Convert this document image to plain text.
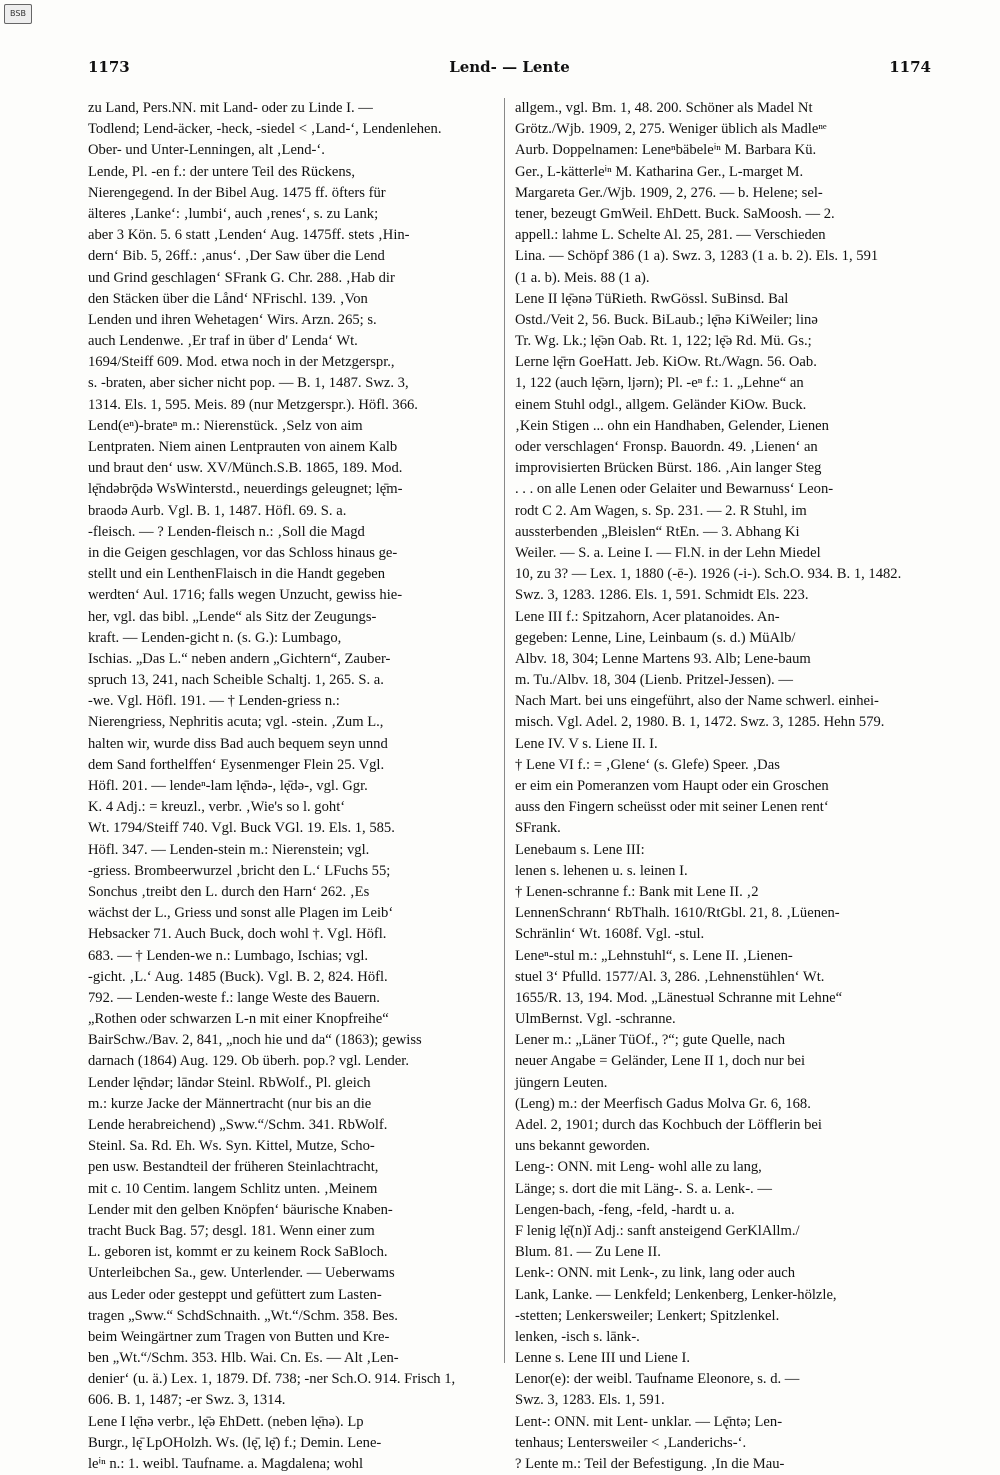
BSB
1173	Lend- — Lente	1174
zu Land, Pers.NN. mit Land- oder zu Linde I. —
Todlend; Lend-äcker, -heck, -siedel < ‚Land-‘, Lendenlehen.
Ober- und Unter-Lenningen, alt ‚Lend-‘.
Lende, Pl. -en f.: der untere Teil des Rückens,
Nierengegend. In der Bibel Aug. 1475 ff. öfters für
älteres ‚Lanke‘: ‚lumbi‘, auch ‚renes‘, s. zu Lank;
aber 3 Kön. 5. 6 statt ‚Lenden‘ Aug. 1475ff. stets ‚Hin-
dern‘ Bib. 5, 26ff.: ‚anus‘. ‚Der Saw über die Lend
und Grind geschlagen‘ SFrank G. Chr. 288. ‚Hab dir
den Stäcken über die Lånd‘ NFrischl. 139. ‚Von
Lenden und ihren Wehetagen‘ Wirs. Arzn. 265; s.
auch Lendenwe. ‚Er traf in über d' Lenda‘ Wt.
1694/Steiff 609. Mod. etwa noch in der Metzgerspr.,
s. -braten, aber sicher nicht pop. — B. 1, 1487. Swz. 3,
1314. Els. 1, 595. Meis. 89 (nur Metzgerspr.). Höfl. 366.
Lend(eⁿ)-brateⁿ m.: Nierenstück. ‚Selz von aim
Lentpraten. Niem ainen Lentprauten von ainem Kalb
und braut den‘ usw. XV/Münch.S.B. 1865, 189. Mod.
lę̄ndəbrǭdə WsWinterstd., neuerdings geleugnet; lę̄m-
braodə Aurb. Vgl. B. 1, 1487. Höfl. 69. S. a.
-fleisch. — ? Lenden-fleisch n.: ‚Soll die Magd
in die Geigen geschlagen, vor das Schloss hinaus ge-
stellt und ein LenthenFlaisch in die Handt gegeben
werdten‘ Aul. 1716; falls wegen Unzucht, gewiss hie-
her, vgl. das bibl. „Lende“ als Sitz der Zeugungs-
kraft. — Lenden-gicht n. (s. G.): Lumbago,
Ischias. „Das L.“ neben andern „Gichtern“, Zauber-
spruch 13, 241, nach Scheible Schaltj. 1, 265. S. a.
-we. Vgl. Höfl. 191. — † Lenden-griess n.:
Nierengriess, Nephritis acuta; vgl. -stein. ‚Zum L.,
halten wir, wurde diss Bad auch bequem seyn unnd
dem Sand forthelffen‘ Eysenmenger Flein 25. Vgl.
Höfl. 201. — lendeⁿ-lam lę̄ndə-, lę̄də-, vgl. Ggr.
K. 4 Adj.: = kreuzl., verbr. ‚Wie's so l. goht‘
Wt. 1794/Steiff 740. Vgl. Buck VGl. 19. Els. 1, 585.
Höfl. 347. — Lenden-stein m.: Nierenstein; vgl.
-griess. Brombeerwurzel ‚bricht den L.‘ LFuchs 55;
Sonchus ‚treibt den L. durch den Harn‘ 262. ‚Es
wächst der L., Griess und sonst alle Plagen im Leib‘
Hebsacker 71. Auch Buck, doch wohl †. Vgl. Höfl.
683. — † Lenden-we n.: Lumbago, Ischias; vgl.
-gicht. ‚L.‘ Aug. 1485 (Buck). Vgl. B. 2, 824. Höfl.
792. — Lenden-weste f.: lange Weste des Bauern.
„Rothen oder schwarzen L-n mit einer Knopfreihe“
BairSchw./Bav. 2, 841, „noch hie und da“ (1863); gewiss
darnach (1864) Aug. 129. Ob überh. pop.? vgl. Lender.
Lender lę̄ndər; lāndər Steinl. RbWolf., Pl. gleich
m.: kurze Jacke der Männertracht (nur bis an die
Lende herabreichend) „Sww.“/Schm. 341. RbWolf.
Steinl. Sa. Rd. Eh. Ws. Syn. Kittel, Mutze, Scho-
pen usw. Bestandteil der früheren Steinlachtracht,
mit c. 10 Centim. langem Schlitz unten. ‚Meinem
Lender mit den gelben Knöpfen‘ bäurische Knaben-
tracht Buck Bag. 57; desgl. 181. Wenn einer zum
L. geboren ist, kommt er zu keinem Rock SaBloch.
Unterleibchen Sa., gew. Unterlender. — Ueberwams
aus Leder oder gesteppt und gefüttert zum Lasten-
tragen „Sww.“ SchdSchnaith. „Wt.“/Schm. 358. Bes.
beim Weingärtner zum Tragen von Butten und Kre-
ben „Wt.“/Schm. 353. Hlb. Wai. Cn. Es. — Alt ‚Len-
denier‘ (u. ä.) Lex. 1, 1879. Df. 738; -ner Sch.O. 914. Frisch 1,
606. B. 1, 1487; -er Swz. 3, 1314.
Lene I lę̄nə verbr., lę̄ə EhDett. (neben lę̄nə). Lp
Burgr., lę̄ LpOHolzh. Ws. (lę̄, lę̄) f.; Demin. Lene-
leⁱⁿ n.: 1. weibl. Taufname. a. Magdalena; wohl
allgem., vgl. Bm. 1, 48. 200. Schöner als Madel Nt
Grötz./Wjb. 1909, 2, 275. Weniger üblich als Madleⁿᵉ
Aurb. Doppelnamen: Leneⁿbäbeleⁱⁿ M. Barbara Kü.
Ger., L-kätterleⁱⁿ M. Katharina Ger., L-marget M.
Margareta Ger./Wjb. 1909, 2, 276. — b. Helene; sel-
tener, bezeugt GmWeil. EhDett. Buck. SaMoosh. — 2.
appell.: lahme L. Schelte Al. 25, 281. — Verschieden
Lina. — Schöpf 386 (1 a). Swz. 3, 1283 (1 a. b. 2). Els. 1, 591
(1 a. b). Meis. 88 (1 a).
Lene II lę̄ənə TüRieth. RwGössl. SuBinsd. Bal
Ostd./Veit 2, 56. Buck. BiLaub.; lę̄nə KiWeiler; linə
Tr. Wg. Lk.; lę̄ən Oab. Rt. 1, 122; lę̄ə Rd. Mü. Gs.;
Lerne lę̄rn GoeHatt. Jeb. KiOw. Rt./Wagn. 56. Oab.
1, 122 (auch lę̄ərn, ljərn); Pl. -eⁿ f.: 1. „Lehne“ an
einem Stuhl odgl., allgem. Geländer KiOw. Buck.
‚Kein Stigen ... ohn ein Handhaben, Gelender, Lienen
oder verschlagen‘ Fronsp. Bauordn. 49. ‚Lienen‘ an
improvisierten Brücken Bürst. 186. ‚Ain langer Steg
. . . on alle Lenen oder Gelaiter und Bewarnuss‘ Leon-
rodt C 2. Am Wagen, s. Sp. 231. — 2. R Stuhl, im
aussterbenden „Bleislen“ RtEn. — 3. Abhang Ki
Weiler. — S. a. Leine I. — Fl.N. in der Lehn Miedel
10, zu 3? — Lex. 1, 1880 (-ē-). 1926 (-i-). Sch.O. 934. B. 1, 1482.
Swz. 3, 1283. 1286. Els. 1, 591. Schmidt Els. 223.
Lene III f.: Spitzahorn, Acer platanoides. An-
gegeben: Lenne, Line, Leinbaum (s. d.) MüAlb/
Albv. 18, 304; Lenne Martens 93. Alb; Lene-baum
m. Tu./Albv. 18, 304 (Lienb. Pritzel-Jessen). —
Nach Mart. bei uns eingeführt, also der Name schwerl. einhei-
misch. Vgl. Adel. 2, 1980. B. 1, 1472. Swz. 3, 1285. Hehn 579.
Lene IV. V s. Liene II. I.
† Lene VI f.: = ‚Glene‘ (s. Glefe) Speer. ‚Das
er eim ein Pomeranzen vom Haupt oder ein Groschen
auss den Fingern scheüsst oder mit seiner Lenen rent‘
SFrank.
Lenebaum s. Lene III:
lenen s. lehenen u. s. leinen I.
† Lenen-schranne f.: Bank mit Lene II. ‚2
LennenSchrann‘ RbThalh. 1610/RtGbl. 21, 8. ‚Lüenen-
Schränlin‘ Wt. 1608f. Vgl. -stul.
Leneⁿ-stul m.: „Lehnstuhl“, s. Lene II. ‚Lienen-
stuel 3‘ Pfulld. 1577/Al. 3, 286. ‚Lehnenstühlen‘ Wt.
1655/R. 13, 194. Mod. „Länestuəl Schranne mit Lehne“
UlmBernst. Vgl. -schranne.
Lener m.: „Läner TüOf., ?“; gute Quelle, nach
neuer Angabe = Geländer, Lene II 1, doch nur bei
jüngern Leuten.
(Leng) m.: der Meerfisch Gadus Molva Gr. 6, 168.
Adel. 2, 1901; durch das Kochbuch der Löfflerin bei
uns bekannt geworden.
Leng-: ONN. mit Leng- wohl alle zu lang,
Länge; s. dort die mit Läng-. S. a. Lenk-. —
Lengen-bach, -feng, -feld, -hardt u. a.
F lenig lę̄(n)ĭ Adj.: sanft ansteigend GerKlAllm./
Blum. 81. — Zu Lene II.
Lenk-: ONN. mit Lenk-, zu link, lang oder auch
Lank, Lanke. — Lenkfeld; Lenkenberg, Lenker-hölzle,
-stetten; Lenkersweiler; Lenkert; Spitzlenkel.
lenken, -isch s. lānk-.
Lenne s. Lene III und Liene I.
Lenor(e): der weibl. Taufname Eleonore, s. d. —
Swz. 3, 1283. Els. 1, 591.
Lent-: ONN. mit Lent- unklar. — Lę̄ntə; Len-
tenhaus; Lentersweiler < ‚Landerichs-‘.
? Lente m.: Teil der Befestigung. ‚In die Mau-
